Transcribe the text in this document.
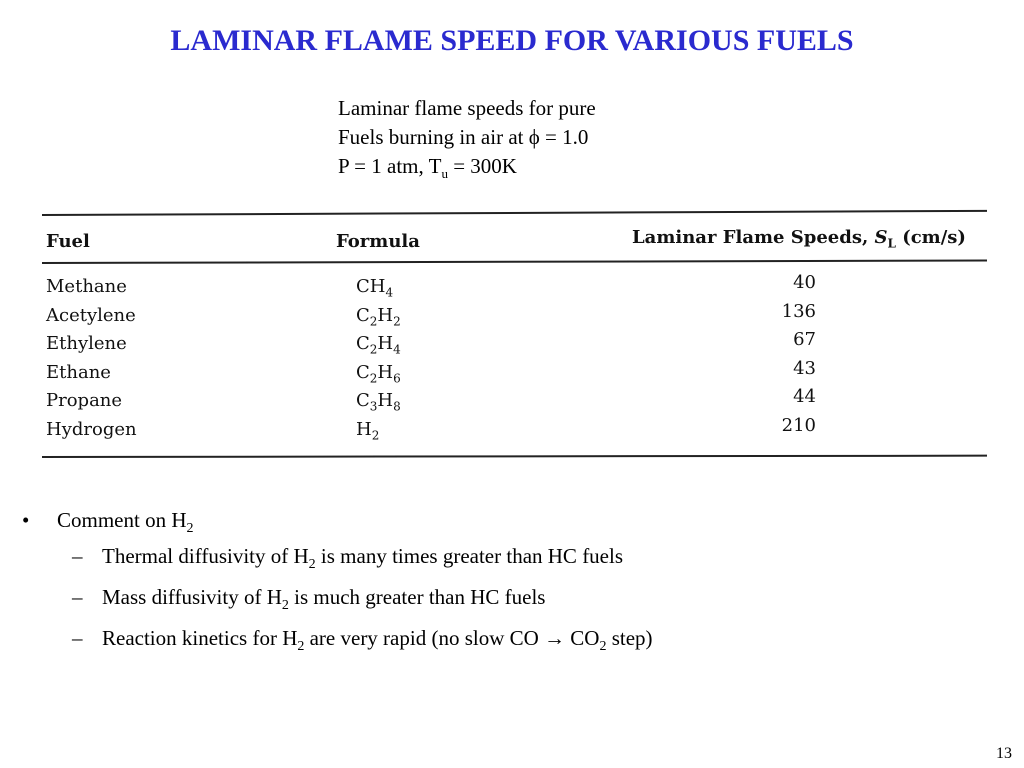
LAMINAR FLAME SPEED FOR VARIOUS FUELS
Laminar flame speeds for pure
Fuels burning in air at ϕ = 1.0
P = 1 atm, $T_u = 300K$
Fuel	Formula	Laminar Flame Speeds, $S_L$ (cm/s)
Methane
Acetylene
Ethylene
Ethane
Propane
Hydrogen
$CH_4$
$C_2H_2$
$C_2H_4$
$C_2H_6$
$C_3H_8$
$H_2$
40
136
67
43
44
210
• Comment on $H_2$
– Thermal diffusivity of $H_2$ is many times greater than HC fuels
– Mass diffusivity of $H_2$ is much greater than HC fuels
– Reaction kinetics for $H_2$ are very rapid (no slow CO → $CO_2$ step)
13
